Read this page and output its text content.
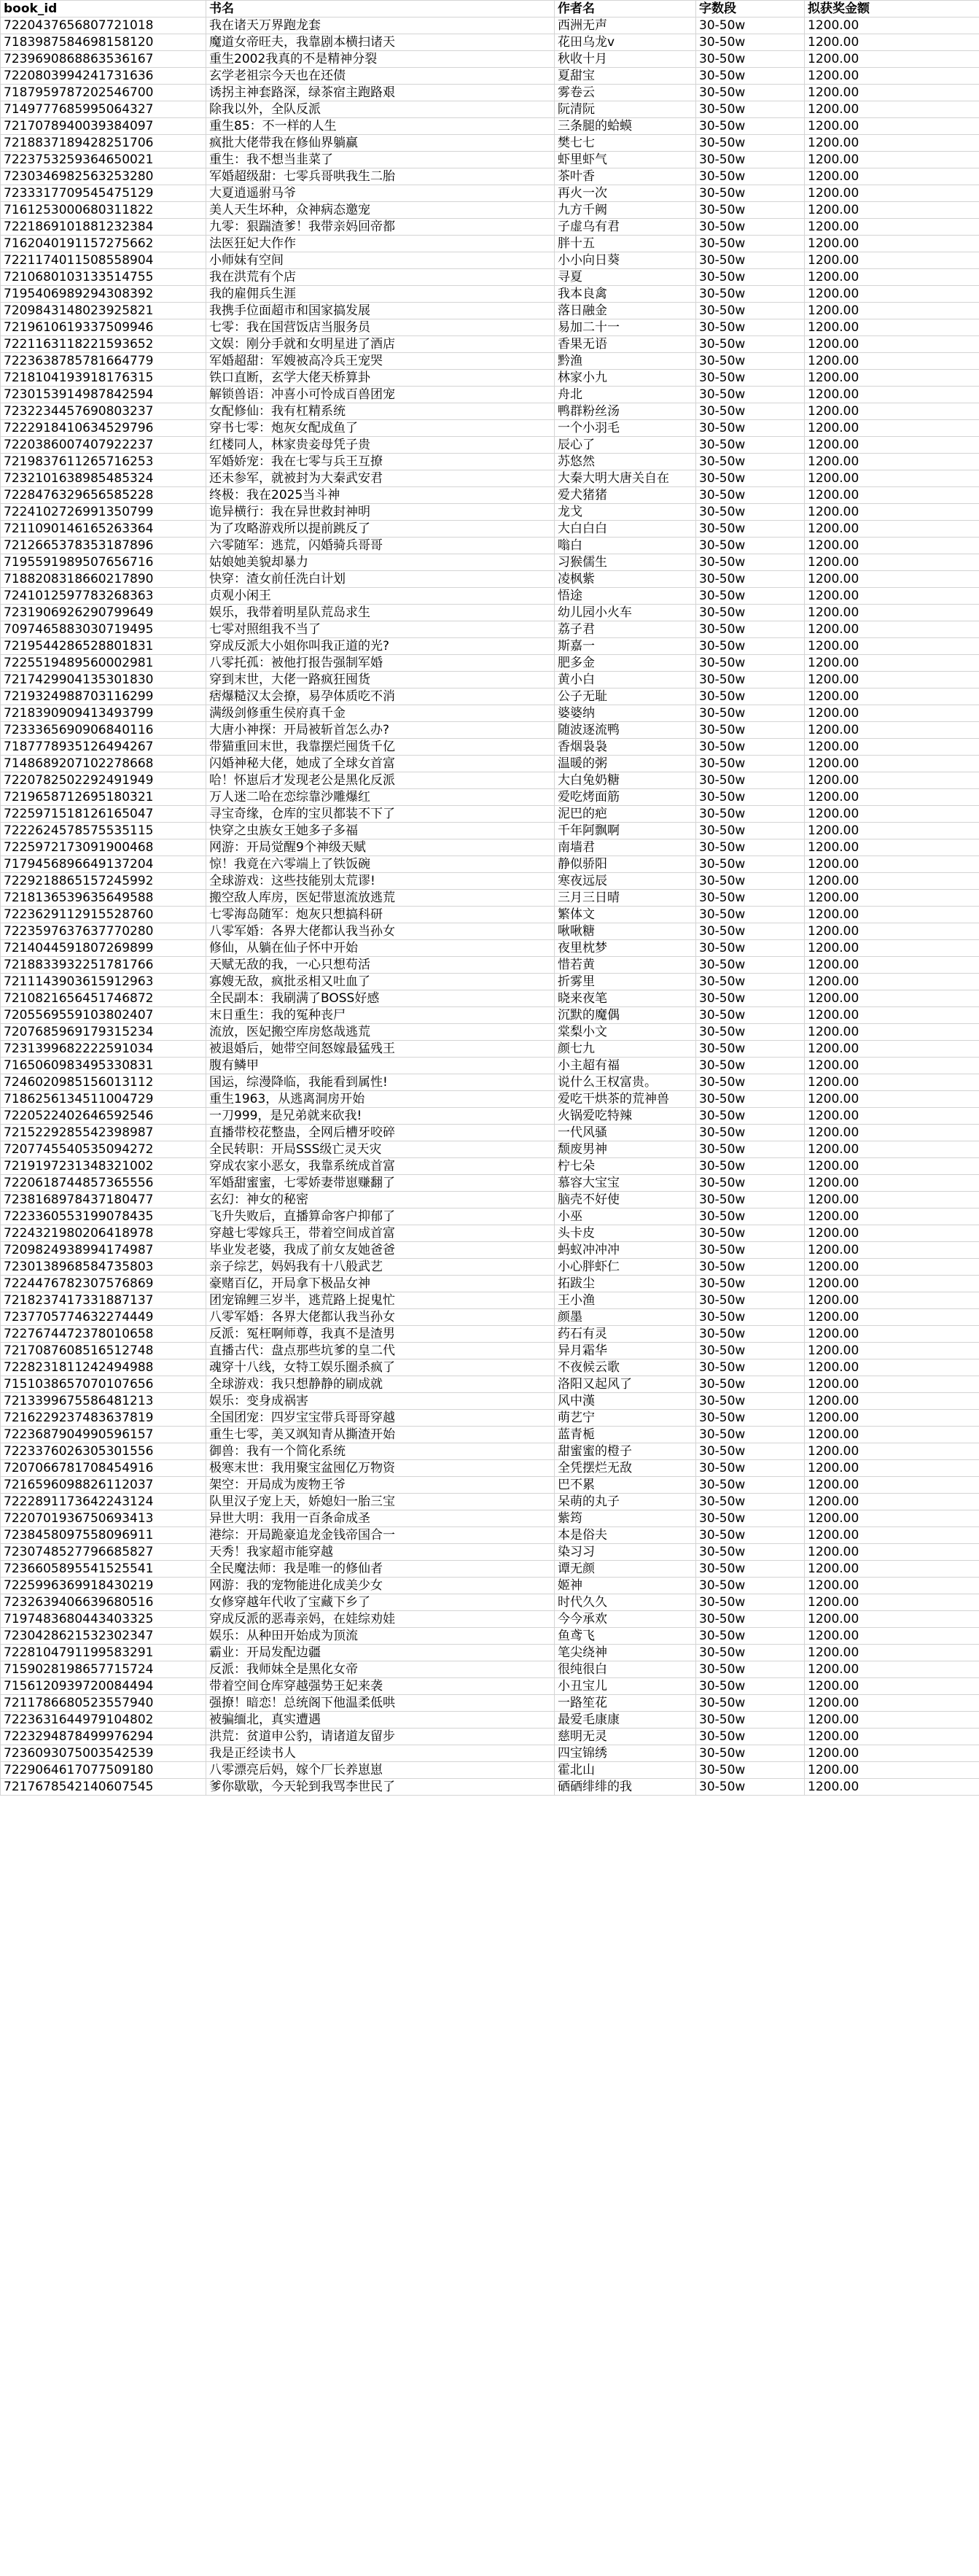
book_id	书名	作者名	字数段	拟获奖金额
7220437656807721018	我在诸天万界跑龙套	西洲无声	30-50w	1200.00
7183987584698158120	魔道女帝旺夫，我靠剧本横扫诸天	花田乌龙v	30-50w	1200.00
7239690868863536167	重生2002我真的不是精神分裂	秋收十月	30-50w	1200.00
7220803994241731636	玄学老祖宗今天也在还债	夏甜宝	30-50w	1200.00
7187959787202546700	诱拐主神套路深，绿茶宿主跑路艰	雾卷云	30-50w	1200.00
7149777685995064327	除我以外，全队反派	阮清阮	30-50w	1200.00
7217078940039384097	重生85：不一样的人生	三条腿的蛤蟆	30-50w	1200.00
7218837189428251706	疯批大佬带我在修仙界躺赢	樊七七	30-50w	1200.00
7223753259364650021	重生：我不想当韭菜了	虾里虾气	30-50w	1200.00
7230346982563253280	军婚超级甜：七零兵哥哄我生二胎	茶叶香	30-50w	1200.00
7233317709545475129	大夏逍遥驸马爷	再火一次	30-50w	1200.00
7161253000680311822	美人天生坏种，众神病态邀宠	九方千阙	30-50w	1200.00
7221869101881232384	九零：狠踹渣爹！我带亲妈回帝都	子虚乌有君	30-50w	1200.00
7162040191157275662	法医狂妃大作作	胖十五	30-50w	1200.00
7221174011508558904	小师妹有空间	小小向日葵	30-50w	1200.00
7210680103133514755	我在洪荒有个店	寻夏	30-50w	1200.00
7195406989294308392	我的雇佣兵生涯	我本良禽	30-50w	1200.00
7209843148023925821	我携手位面超市和国家搞发展	落日融金	30-50w	1200.00
7219610619337509946	七零：我在国营饭店当服务员	易加二十一	30-50w	1200.00
7221163118221593652	文娱：刚分手就和女明星进了酒店	香果无语	30-50w	1200.00
7223638785781664779	军婚超甜：军嫂被高冷兵王宠哭	黔渔	30-50w	1200.00
7218104193918176315	铁口直断，玄学大佬天桥算卦	林家小九	30-50w	1200.00
7230153914987842594	解锁兽语：冲喜小可怜成百兽团宠	舟北	30-50w	1200.00
7232234457690803237	女配修仙：我有杠精系统	鸭群粉丝汤	30-50w	1200.00
7222918410634529796	穿书七零：炮灰女配成鱼了	一个小羽毛	30-50w	1200.00
7220386007407922237	红楼同人，林家贵妾母凭子贵	辰心了	30-50w	1200.00
7219837611265716253	军婚娇宠：我在七零与兵王互撩	苏悠然	30-50w	1200.00
7232101638985485324	还未参军，就被封为大秦武安君	大秦大明大唐关自在	30-50w	1200.00
7228476329656585228	终极：我在2025当斗神	爱犬猪猪	30-50w	1200.00
7224102726991350799	诡异横行：我在异世救封神明	龙戈	30-50w	1200.00
7211090146165263364	为了攻略游戏所以提前跳反了	大白白白	30-50w	1200.00
7212665378353187896	六零随军：逃荒，闪婚骑兵哥哥	嗡白	30-50w	1200.00
7195591989507656716	姑娘她美貌却暴力	习猴儒生	30-50w	1200.00
7188208318660217890	快穿：渣女前任洗白计划	凌枫紫	30-50w	1200.00
7241012597783268363	贞观小闲王	悟途	30-50w	1200.00
7231906926290799649	娱乐，我带着明星队荒岛求生	幼儿园小火车	30-50w	1200.00
7097465883030719495	七零对照组我不当了	荔子君	30-50w	1200.00
7219544286528801831	穿成反派大小姐你叫我正道的光?	斯嘉一	30-50w	1200.00
7225519489560002981	八零托孤：被他打报告强制军婚	肥多金	30-50w	1200.00
7217429904135301830	穿到末世，大佬一路疯狂囤货	黄小白	30-50w	1200.00
7219324988703116299	痞爆糙汉太会撩，易孕体质吃不消	公子无耻	30-50w	1200.00
7218390909413493799	满级剑修重生侯府真千金	婆婆纳	30-50w	1200.00
7233365690906840116	大唐小神探：开局被斩首怎么办?	随波逐流鸭	30-50w	1200.00
7187778935126494267	带猫重回末世，我靠摆烂囤货千亿	香烟袅袅	30-50w	1200.00
7148689207102278668	闪婚神秘大佬，她成了全球女首富	温暖的粥	30-50w	1200.00
7220782502292491949	哈！怀崽后才发现老公是黑化反派	大白兔奶糖	30-50w	1200.00
7219658712695180321	万人迷二哈在恋综靠沙雕爆红	爱吃烤面筋	30-50w	1200.00
7225971518126165047	寻宝奇缘，仓库的宝贝都装不下了	泥巴的疤	30-50w	1200.00
7222624578575535115	快穿之虫族女王她多子多福	千年阿飘啊	30-50w	1200.00
7225972173091900468	网游：开局觉醒9个神级天赋	南墙君	30-50w	1200.00
7179456896649137204	惊！我竟在六零端上了铁饭碗	静似骄阳	30-50w	1200.00
7229218865157245992	全球游戏：这些技能别太荒谬!	寒夜远辰	30-50w	1200.00
7218136539635649588	搬空敌人库房，医妃带崽流放逃荒	三月三日晴	30-50w	1200.00
7223629112915528760	七零海岛随军：炮灰只想搞科研	繁体文	30-50w	1200.00
7223597637637770280	八零军婚：各界大佬都认我当孙女	啾啾糖	30-50w	1200.00
7214044591807269899	修仙，从躺在仙子怀中开始	夜里枕梦	30-50w	1200.00
7218833932251781766	天赋无敌的我，一心只想苟活	惜若黄	30-50w	1200.00
7211143903615912963	寡嫂无敌，疯批丞相又吐血了	折雾里	30-50w	1200.00
7210821656451746872	全民副本：我刷满了BOSS好感	晓来夜笔	30-50w	1200.00
7205569559103802407	末日重生：我的冤种丧尸	沉默的魔偶	30-50w	1200.00
7207685969179315234	流放，医妃搬空库房悠哉逃荒	棠梨小文	30-50w	1200.00
7231399682222591034	被退婚后，她带空间怒嫁最猛残王	颜七九	30-50w	1200.00
7165060983495330831	腹有鳞甲	小主超有福	30-50w	1200.00
7246020985156013112	国运，综漫降临，我能看到属性!	说什么王权富贵。	30-50w	1200.00
7186256134511004729	重生1963，从逃离洞房开始	爱吃干烘茶的荒神兽	30-50w	1200.00
7220522402646592546	一刀999，是兄弟就来砍我!	火锅爱吃特辣	30-50w	1200.00
7215229285542398987	直播带校花整蛊，全网后槽牙咬碎	一代风骚	30-50w	1200.00
7207745540535094272	全民转职：开局SSS级亡灵天灾	颓废男神	30-50w	1200.00
7219197231348321002	穿成农家小恶女，我靠系统成首富	柠七朵	30-50w	1200.00
7220618744857365556	军婚甜蜜蜜，七零娇妻带崽赚翻了	慕容大宝宝	30-50w	1200.00
7238168978437180477	玄幻：神女的秘密	脑壳不好使	30-50w	1200.00
7223360553199078435	飞升失败后，直播算命客户抑郁了	小巫	30-50w	1200.00
7224321980206418978	穿越七零嫁兵王，带着空间成首富	头卡皮	30-50w	1200.00
7209824938994174987	毕业发老婆，我成了前女友她爸爸	蚂蚁冲冲冲	30-50w	1200.00
7230138968584735803	亲子综艺，妈妈我有十八般武艺	小心胖虾仁	30-50w	1200.00
7224476782307576869	豪赌百亿，开局拿下极品女神	拓跋尘	30-50w	1200.00
7218237417331887137	团宠锦鲤三岁半，逃荒路上捉鬼忙	王小渔	30-50w	1200.00
7237705774632274449	八零军婚：各界大佬都认我当孙女	颜墨	30-50w	1200.00
7227674472378010658	反派：冤枉啊师尊，我真不是渣男	药石有灵	30-50w	1200.00
7217087608516512748	直播古代：盘点那些坑爹的皇二代	异月霜华	30-50w	1200.00
7228231811242494988	魂穿十八线，女特工娱乐圈杀疯了	不夜候云歌	30-50w	1200.00
7151038657070107656	全球游戏：我只想静静的刷成就	洛阳又起风了	30-50w	1200.00
7213399675586481213	娱乐：变身成祸害	风中漢	30-50w	1200.00
7216229237483637819	全国团宠：四岁宝宝带兵哥哥穿越	萌艺宁	30-50w	1200.00
7223687904990596157	重生七零，美又飒知青从撕渣开始	蓝青栀	30-50w	1200.00
7223376026305301556	御兽：我有一个简化系统	甜蜜蜜的橙子	30-50w	1200.00
7207066781708454916	极寒末世：我用聚宝盆囤亿万物资	全凭摆烂无敌	30-50w	1200.00
7216596098826112037	架空：开局成为废物王爷	巴不累	30-50w	1200.00
7222891173642243124	队里汉子宠上天，娇媳妇一胎三宝	呆萌的丸子	30-50w	1200.00
7220701936750693413	异世大明：我用一百条命成圣	紫筠	30-50w	1200.00
7238458097558096911	港综：开局跪豪追龙金钱帝国合一	本是俗夫	30-50w	1200.00
7230748527796685827	天秀！我家超市能穿越	染习习	30-50w	1200.00
7236605895541525541	全民魔法师：我是唯一的修仙者	谭无颜	30-50w	1200.00
7225996369918430219	网游：我的宠物能进化成美少女	姬神	30-50w	1200.00
7232639406639680516	女修穿越年代收了宝藏下乡了	时代久久	30-50w	1200.00
7197483680443403325	穿成反派的恶毒亲妈，在娃综劝娃	今今承欢	30-50w	1200.00
7230428621532302347	娱乐：从种田开始成为顶流	鱼鸢飞	30-50w	1200.00
7228104791199583291	霸业：开局发配边疆	笔尖绕神	30-50w	1200.00
7159028198657715724	反派：我师妹全是黑化女帝	很纯很白	30-50w	1200.00
7156120939720084494	带着空间仓库穿越强势王妃来袭	小丑宝儿	30-50w	1200.00
7211786680523557940	强撩！暗恋！总统阁下他温柔低哄	一路笙花	30-50w	1200.00
7223631644979104802	被骗缅北，真实遭遇	最爱毛康康	30-50w	1200.00
7223294878499976294	洪荒：贫道申公豹，请诸道友留步	慈明无灵	30-50w	1200.00
7236093075003542539	我是正经读书人	四宝锦绣	30-50w	1200.00
7229064617077509180	八零漂亮后妈，嫁个厂长养崽崽	霍北山	30-50w	1200.00
7217678542140607545	爹你歇歇，今天轮到我骂李世民了	硒硒绯绯的我	30-50w	1200.00
